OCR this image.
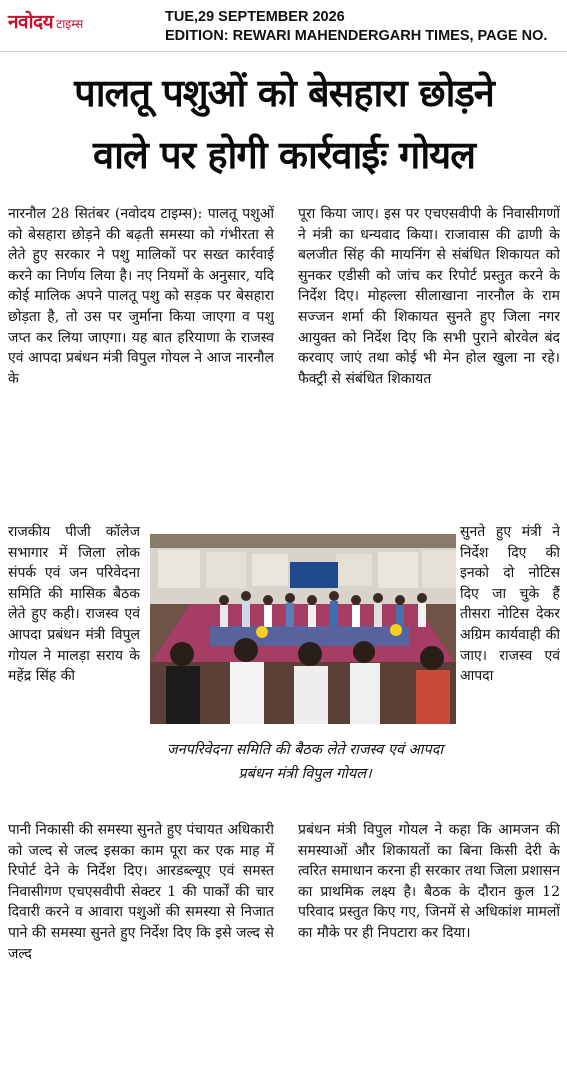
नवोदय टाइम्स	TUE,29 SEPTEMBER 2026
EDITION: REWARI MAHENDERGARH TIMES, PAGE NO.
पालतू पशुओं को बेसहारा छोड़ने
वाले पर होगी कार्रवाईः गोयल
नारनौल 28 सितंबर (नवोदय टाइम्स): पालतू पशुओं को बेसहारा छोड़ने की बढ़ती समस्या को गंभीरता से लेते हुए सरकार ने पशु मालिकों पर सख्त कार्रवाई करने का निर्णय लिया है। नए नियमों के अनुसार, यदि कोई मालिक अपने पालतू पशु को सड़क पर बेसहारा छोड़ता है, तो उस पर जुर्माना किया जाएगा व पशु जप्त कर लिया जाएगा। यह बात हरियाणा के राजस्व एवं आपदा प्रबंधन मंत्री विपुल गोयल ने आज नारनौल के
पूरा किया जाए। इस पर एचएसवीपी के निवासीगणों ने मंत्री का धन्यवाद किया। राजावास की ढाणी के बलजीत सिंह की मायनिंग से संबंधित शिकायत को सुनकर एडीसी को जांच कर रिपोर्ट प्रस्तुत करने के निर्देश दिए। मोहल्ला सीलाखाना नारनौल के राम सज्जन शर्मा की शिकायत सुनते हुए जिला नगर आयुक्त को निर्देश दिए कि सभी पुराने बोरवेल बंद करवाए जाएं तथा कोई भी मेन होल खुला ना रहे। फैक्ट्री से संबंधित शिकायत
राजकीय पीजी कॉलेज सभागार में जिला लोक संपर्क एवं जन परिवेदना समिति की मासिक बैठक लेते हुए कही। राजस्व एवं आपदा प्रबंधन मंत्री विपुल गोयल ने मालड़ा सराय के महेंद्र सिंह की
जनपरिवेदना समिति की बैठक लेते राजस्व एवं आपदा प्रबंधन मंत्री विपुल गोयल।
सुनते हुए मंत्री ने निर्देश दिए की इनको दो नोटिस दिए जा चुके हैं तीसरा नोटिस देकर अग्रिम कार्यवाही की जाए। राजस्व एवं आपदा
पानी निकासी की समस्या सुनते हुए पंचायत अधिकारी को जल्द से जल्द इसका काम पूरा कर एक माह में रिपोर्ट देने के निर्देश दिए। आरडब्ल्यूए एवं समस्त निवासीगण एचएसवीपी सेक्टर 1 की पार्कों की चार दिवारी करने व आवारा पशुओं की समस्या से निजात पाने की समस्या सुनते हुए निर्देश दिए कि इसे जल्द से जल्द
प्रबंधन मंत्री विपुल गोयल ने कहा कि आमजन की समस्याओं और शिकायतों का बिना किसी देरी के त्वरित समाधान करना ही सरकार तथा जिला प्रशासन का प्राथमिक लक्ष्य है। बैठक के दौरान कुल 12 परिवाद प्रस्तुत किए गए, जिनमें से अधिकांश मामलों का मौके पर ही निपटारा कर दिया।
